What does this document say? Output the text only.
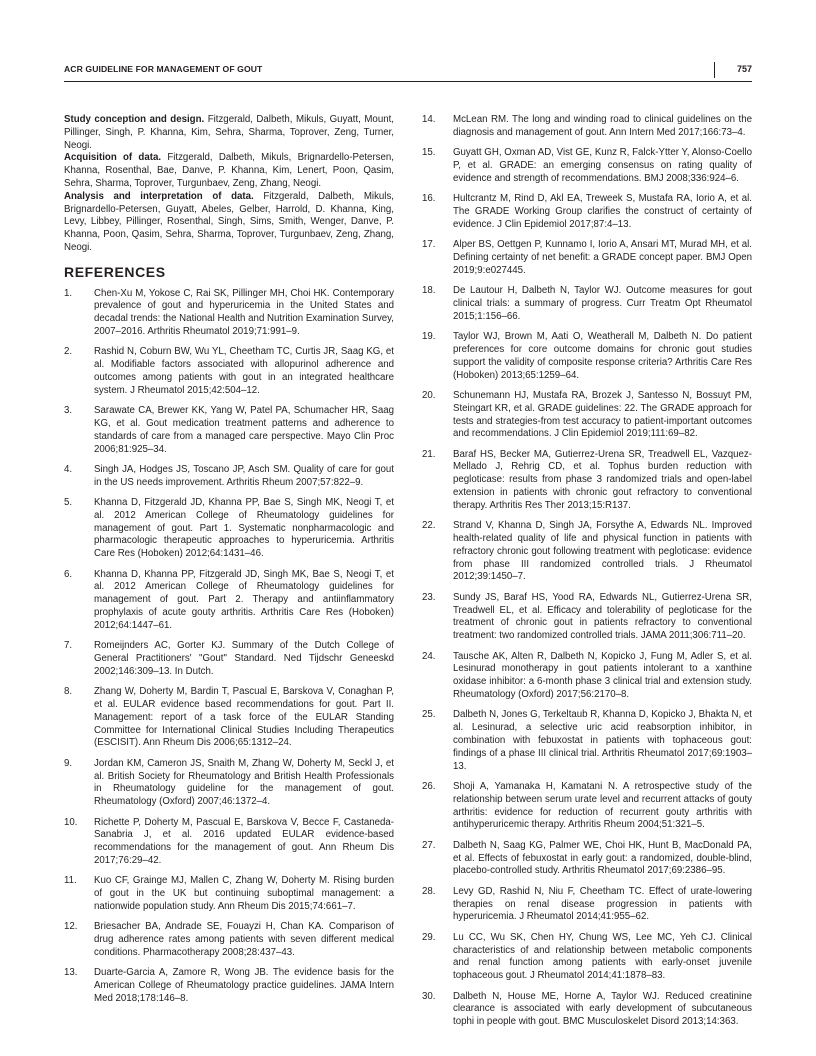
ACR GUIDELINE FOR MANAGEMENT OF GOUT	757

Study conception and design. Fitzgerald, Dalbeth, Mikuls, Guyatt, Mount, Pillinger, Singh, P. Khanna, Kim, Sehra, Sharma, Toprover, Zeng, Turner, Neogi.

Acquisition of data. Fitzgerald, Dalbeth, Mikuls, Brignardello-Petersen, Khanna, Rosenthal, Bae, Danve, P. Khanna, Kim, Lenert, Poon, Qasim, Sehra, Sharma, Toprover, Turgunbaev, Zeng, Zhang, Neogi.

Analysis and interpretation of data. Fitzgerald, Dalbeth, Mikuls, Brignardello-Petersen, Guyatt, Abeles, Gelber, Harrold, D. Khanna, King, Levy, Libbey, Pillinger, Rosenthal, Singh, Sims, Smith, Wenger, Danve, P. Khanna, Poon, Qasim, Sehra, Sharma, Toprover, Turgunbaev, Zeng, Zhang, Neogi.

REFERENCES
1. Chen-Xu M, Yokose C, Rai SK, Pillinger MH, Choi HK. Contemporary prevalence of gout and hyperuricemia in the United States and decadal trends: the National Health and Nutrition Examination Survey, 2007–2016. Arthritis Rheumatol 2019;71:991–9.
2. Rashid N, Coburn BW, Wu YL, Cheetham TC, Curtis JR, Saag KG, et al. Modifiable factors associated with allopurinol adherence and outcomes among patients with gout in an integrated healthcare system. J Rheumatol 2015;42:504–12.
3. Sarawate CA, Brewer KK, Yang W, Patel PA, Schumacher HR, Saag KG, et al. Gout medication treatment patterns and adherence to standards of care from a managed care perspective. Mayo Clin Proc 2006;81:925–34.
4. Singh JA, Hodges JS, Toscano JP, Asch SM. Quality of care for gout in the US needs improvement. Arthritis Rheum 2007;57:822–9.
5. Khanna D, Fitzgerald JD, Khanna PP, Bae S, Singh MK, Neogi T, et al. 2012 American College of Rheumatology guidelines for management of gout. Part 1. Systematic nonpharmacologic and pharmacologic therapeutic approaches to hyperuricemia. Arthritis Care Res (Hoboken) 2012;64:1431–46.
6. Khanna D, Khanna PP, Fitzgerald JD, Singh MK, Bae S, Neogi T, et al. 2012 American College of Rheumatology guidelines for management of gout. Part 2. Therapy and antiinflammatory prophylaxis of acute gouty arthritis. Arthritis Care Res (Hoboken) 2012;64:1447–61.
7. Romeijnders AC, Gorter KJ. Summary of the Dutch College of General Practitioners' "Gout" Standard. Ned Tijdschr Geneeskd 2002;146:309–13. In Dutch.
8. Zhang W, Doherty M, Bardin T, Pascual E, Barskova V, Conaghan P, et al. EULAR evidence based recommendations for gout. Part II. Management: report of a task force of the EULAR Standing Committee for International Clinical Studies Including Therapeutics (ESCISIT). Ann Rheum Dis 2006;65:1312–24.
9. Jordan KM, Cameron JS, Snaith M, Zhang W, Doherty M, Seckl J, et al. British Society for Rheumatology and British Health Professionals in Rheumatology guideline for the management of gout. Rheumatology (Oxford) 2007;46:1372–4.
10. Richette P, Doherty M, Pascual E, Barskova V, Becce F, Castaneda-Sanabria J, et al. 2016 updated EULAR evidence-based recommendations for the management of gout. Ann Rheum Dis 2017;76:29–42.
11. Kuo CF, Grainge MJ, Mallen C, Zhang W, Doherty M. Rising burden of gout in the UK but continuing suboptimal management: a nationwide population study. Ann Rheum Dis 2015;74:661–7.
12. Briesacher BA, Andrade SE, Fouayzi H, Chan KA. Comparison of drug adherence rates among patients with seven different medical conditions. Pharmacotherapy 2008;28:437–43.
13. Duarte-Garcia A, Zamore R, Wong JB. The evidence basis for the American College of Rheumatology practice guidelines. JAMA Intern Med 2018;178:146–8.
14. McLean RM. The long and winding road to clinical guidelines on the diagnosis and management of gout. Ann Intern Med 2017;166:73–4.
15. Guyatt GH, Oxman AD, Vist GE, Kunz R, Falck-Ytter Y, Alonso-Coello P, et al. GRADE: an emerging consensus on rating quality of evidence and strength of recommendations. BMJ 2008;336:924–6.
16. Hultcrantz M, Rind D, Akl EA, Treweek S, Mustafa RA, Iorio A, et al. The GRADE Working Group clarifies the construct of certainty of evidence. J Clin Epidemiol 2017;87:4–13.
17. Alper BS, Oettgen P, Kunnamo I, Iorio A, Ansari MT, Murad MH, et al. Defining certainty of net benefit: a GRADE concept paper. BMJ Open 2019;9:e027445.
18. De Lautour H, Dalbeth N, Taylor WJ. Outcome measures for gout clinical trials: a summary of progress. Curr Treatm Opt Rheumatol 2015;1:156–66.
19. Taylor WJ, Brown M, Aati O, Weatherall M, Dalbeth N. Do patient preferences for core outcome domains for chronic gout studies support the validity of composite response criteria? Arthritis Care Res (Hoboken) 2013;65:1259–64.
20. Schunemann HJ, Mustafa RA, Brozek J, Santesso N, Bossuyt PM, Steingart KR, et al. GRADE guidelines: 22. The GRADE approach for tests and strategies-from test accuracy to patient-important outcomes and recommendations. J Clin Epidemiol 2019;111:69–82.
21. Baraf HS, Becker MA, Gutierrez-Urena SR, Treadwell EL, Vazquez-Mellado J, Rehrig CD, et al. Tophus burden reduction with pegloticase: results from phase 3 randomized trials and open-label extension in patients with chronic gout refractory to conventional therapy. Arthritis Res Ther 2013;15:R137.
22. Strand V, Khanna D, Singh JA, Forsythe A, Edwards NL. Improved health-related quality of life and physical function in patients with refractory chronic gout following treatment with pegloticase: evidence from phase III randomized controlled trials. J Rheumatol 2012;39:1450–7.
23. Sundy JS, Baraf HS, Yood RA, Edwards NL, Gutierrez-Urena SR, Treadwell EL, et al. Efficacy and tolerability of pegloticase for the treatment of chronic gout in patients refractory to conventional treatment: two randomized controlled trials. JAMA 2011;306:711–20.
24. Tausche AK, Alten R, Dalbeth N, Kopicko J, Fung M, Adler S, et al. Lesinurad monotherapy in gout patients intolerant to a xanthine oxidase inhibitor: a 6-month phase 3 clinical trial and extension study. Rheumatology (Oxford) 2017;56:2170–8.
25. Dalbeth N, Jones G, Terkeltaub R, Khanna D, Kopicko J, Bhakta N, et al. Lesinurad, a selective uric acid reabsorption inhibitor, in combination with febuxostat in patients with tophaceous gout: findings of a phase III clinical trial. Arthritis Rheumatol 2017;69:1903–13.
26. Shoji A, Yamanaka H, Kamatani N. A retrospective study of the relationship between serum urate level and recurrent attacks of gouty arthritis: evidence for reduction of recurrent gouty arthritis with antihyperuricemic therapy. Arthritis Rheum 2004;51:321–5.
27. Dalbeth N, Saag KG, Palmer WE, Choi HK, Hunt B, MacDonald PA, et al. Effects of febuxostat in early gout: a randomized, double-blind, placebo-controlled study. Arthritis Rheumatol 2017;69:2386–95.
28. Levy GD, Rashid N, Niu F, Cheetham TC. Effect of urate-lowering therapies on renal disease progression in patients with hyperuricemia. J Rheumatol 2014;41:955–62.
29. Lu CC, Wu SK, Chen HY, Chung WS, Lee MC, Yeh CJ. Clinical characteristics of and relationship between metabolic components and renal function among patients with early-onset juvenile tophaceous gout. J Rheumatol 2014;41:1878–83.
30. Dalbeth N, House ME, Horne A, Taylor WJ. Reduced creatinine clearance is associated with early development of subcutaneous tophi in people with gout. BMC Musculoskelet Disord 2013;14:363.
